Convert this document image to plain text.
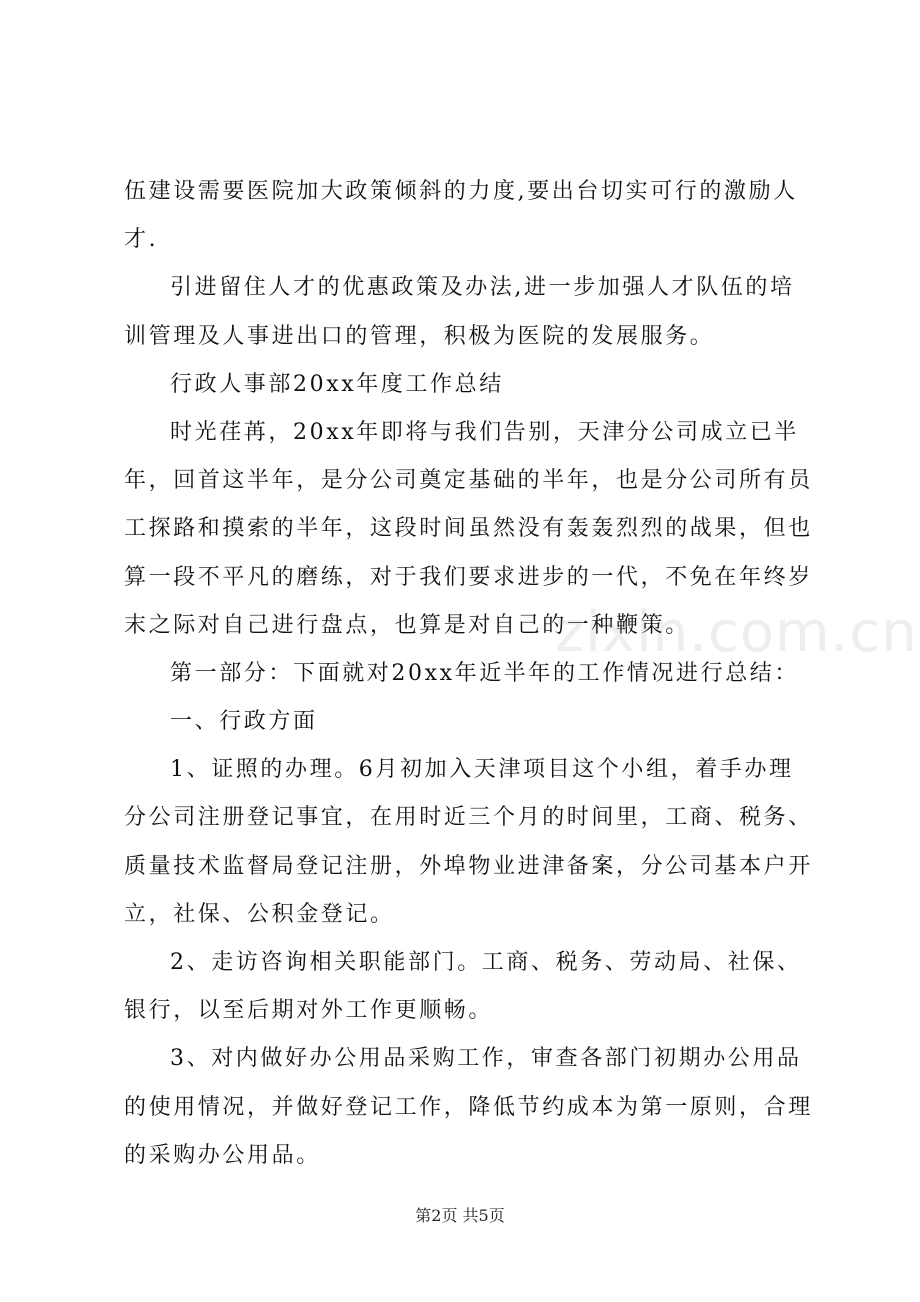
伍建设需要医院加大政策倾斜的力度,要出台切实可行的激励人
才.
引进留住人才的优惠政策及办法,进一步加强人才队伍的培
训管理及人事进出口的管理，积极为医院的发展服务。
行政人事部20xx年度工作总结
时光荏苒，20xx年即将与我们告别，天津分公司成立已半
年，回首这半年，是分公司奠定基础的半年，也是分公司所有员
工探路和摸索的半年，这段时间虽然没有轰轰烈烈的战果，但也
算一段不平凡的磨练，对于我们要求进步的一代，不免在年终岁
末之际对自己进行盘点，也算是对自己的一种鞭策。
第一部分：下面就对20xx年近半年的工作情况进行总结：
一、行政方面
1、证照的办理。6月初加入天津项目这个小组，着手办理
分公司注册登记事宜，在用时近三个月的时间里，工商、税务、
质量技术监督局登记注册，外埠物业进津备案，分公司基本户开
立，社保、公积金登记。
2、走访咨询相关职能部门。工商、税务、劳动局、社保、
银行，以至后期对外工作更顺畅。
3、对内做好办公用品采购工作，审查各部门初期办公用品
的使用情况，并做好登记工作，降低节约成本为第一原则，合理
的采购办公用品。
zixin.com.cn
第2页 共5页
